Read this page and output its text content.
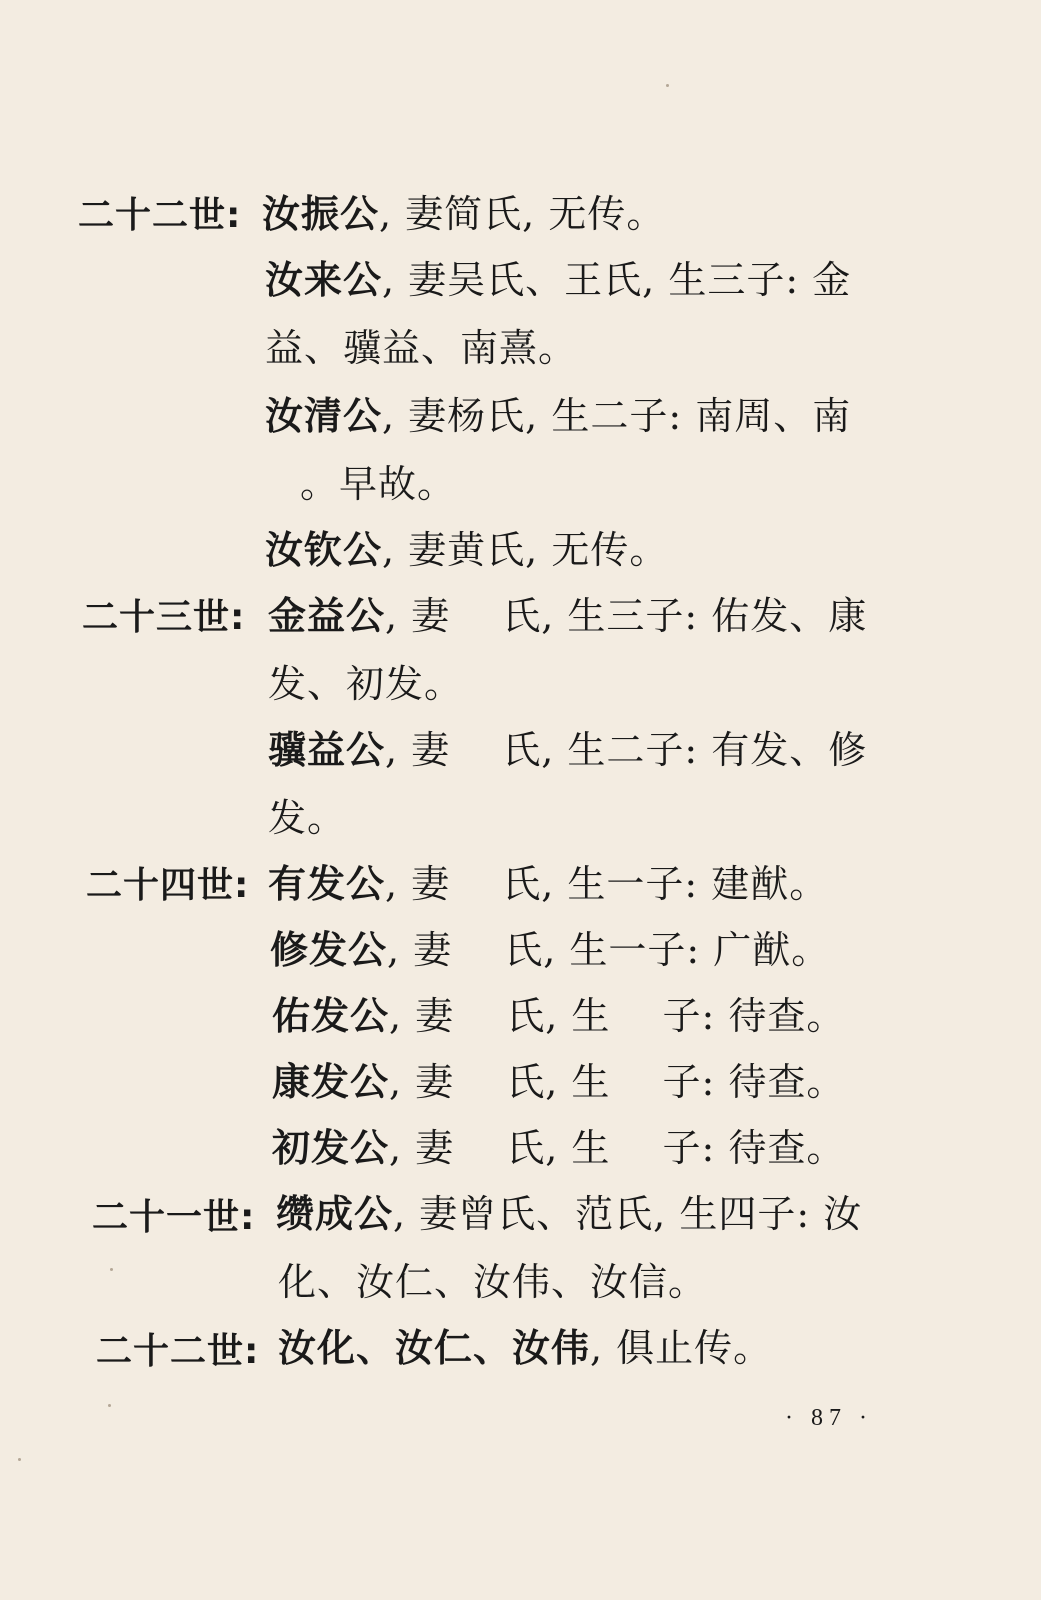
二十二世: 汝振公, 妻简氏, 无传。
汝来公, 妻吴氏、王氏, 生三子: 金
益、骥益、南熹。
汝清公, 妻杨氏, 生二子: 南周、南
。早故。
汝钦公, 妻黄氏, 无传。
二十三世: 金益公, 妻　 氏, 生三子: 佑发、康
发、初发。
骥益公, 妻　 氏, 生二子: 有发、修
发。
二十四世: 有发公, 妻　 氏, 生一子: 建猷。
修发公, 妻　 氏, 生一子: 广猷。
佑发公, 妻　 氏, 生　 子: 待查。
康发公, 妻　 氏, 生　 子: 待查。
初发公, 妻　 氏, 生　 子: 待查。
二十一世: 缵成公, 妻曾氏、范氏, 生四子: 汝
化、汝仁、汝伟、汝信。
二十二世: 汝化、汝仁、汝伟, 俱止传。
· 87 ·
